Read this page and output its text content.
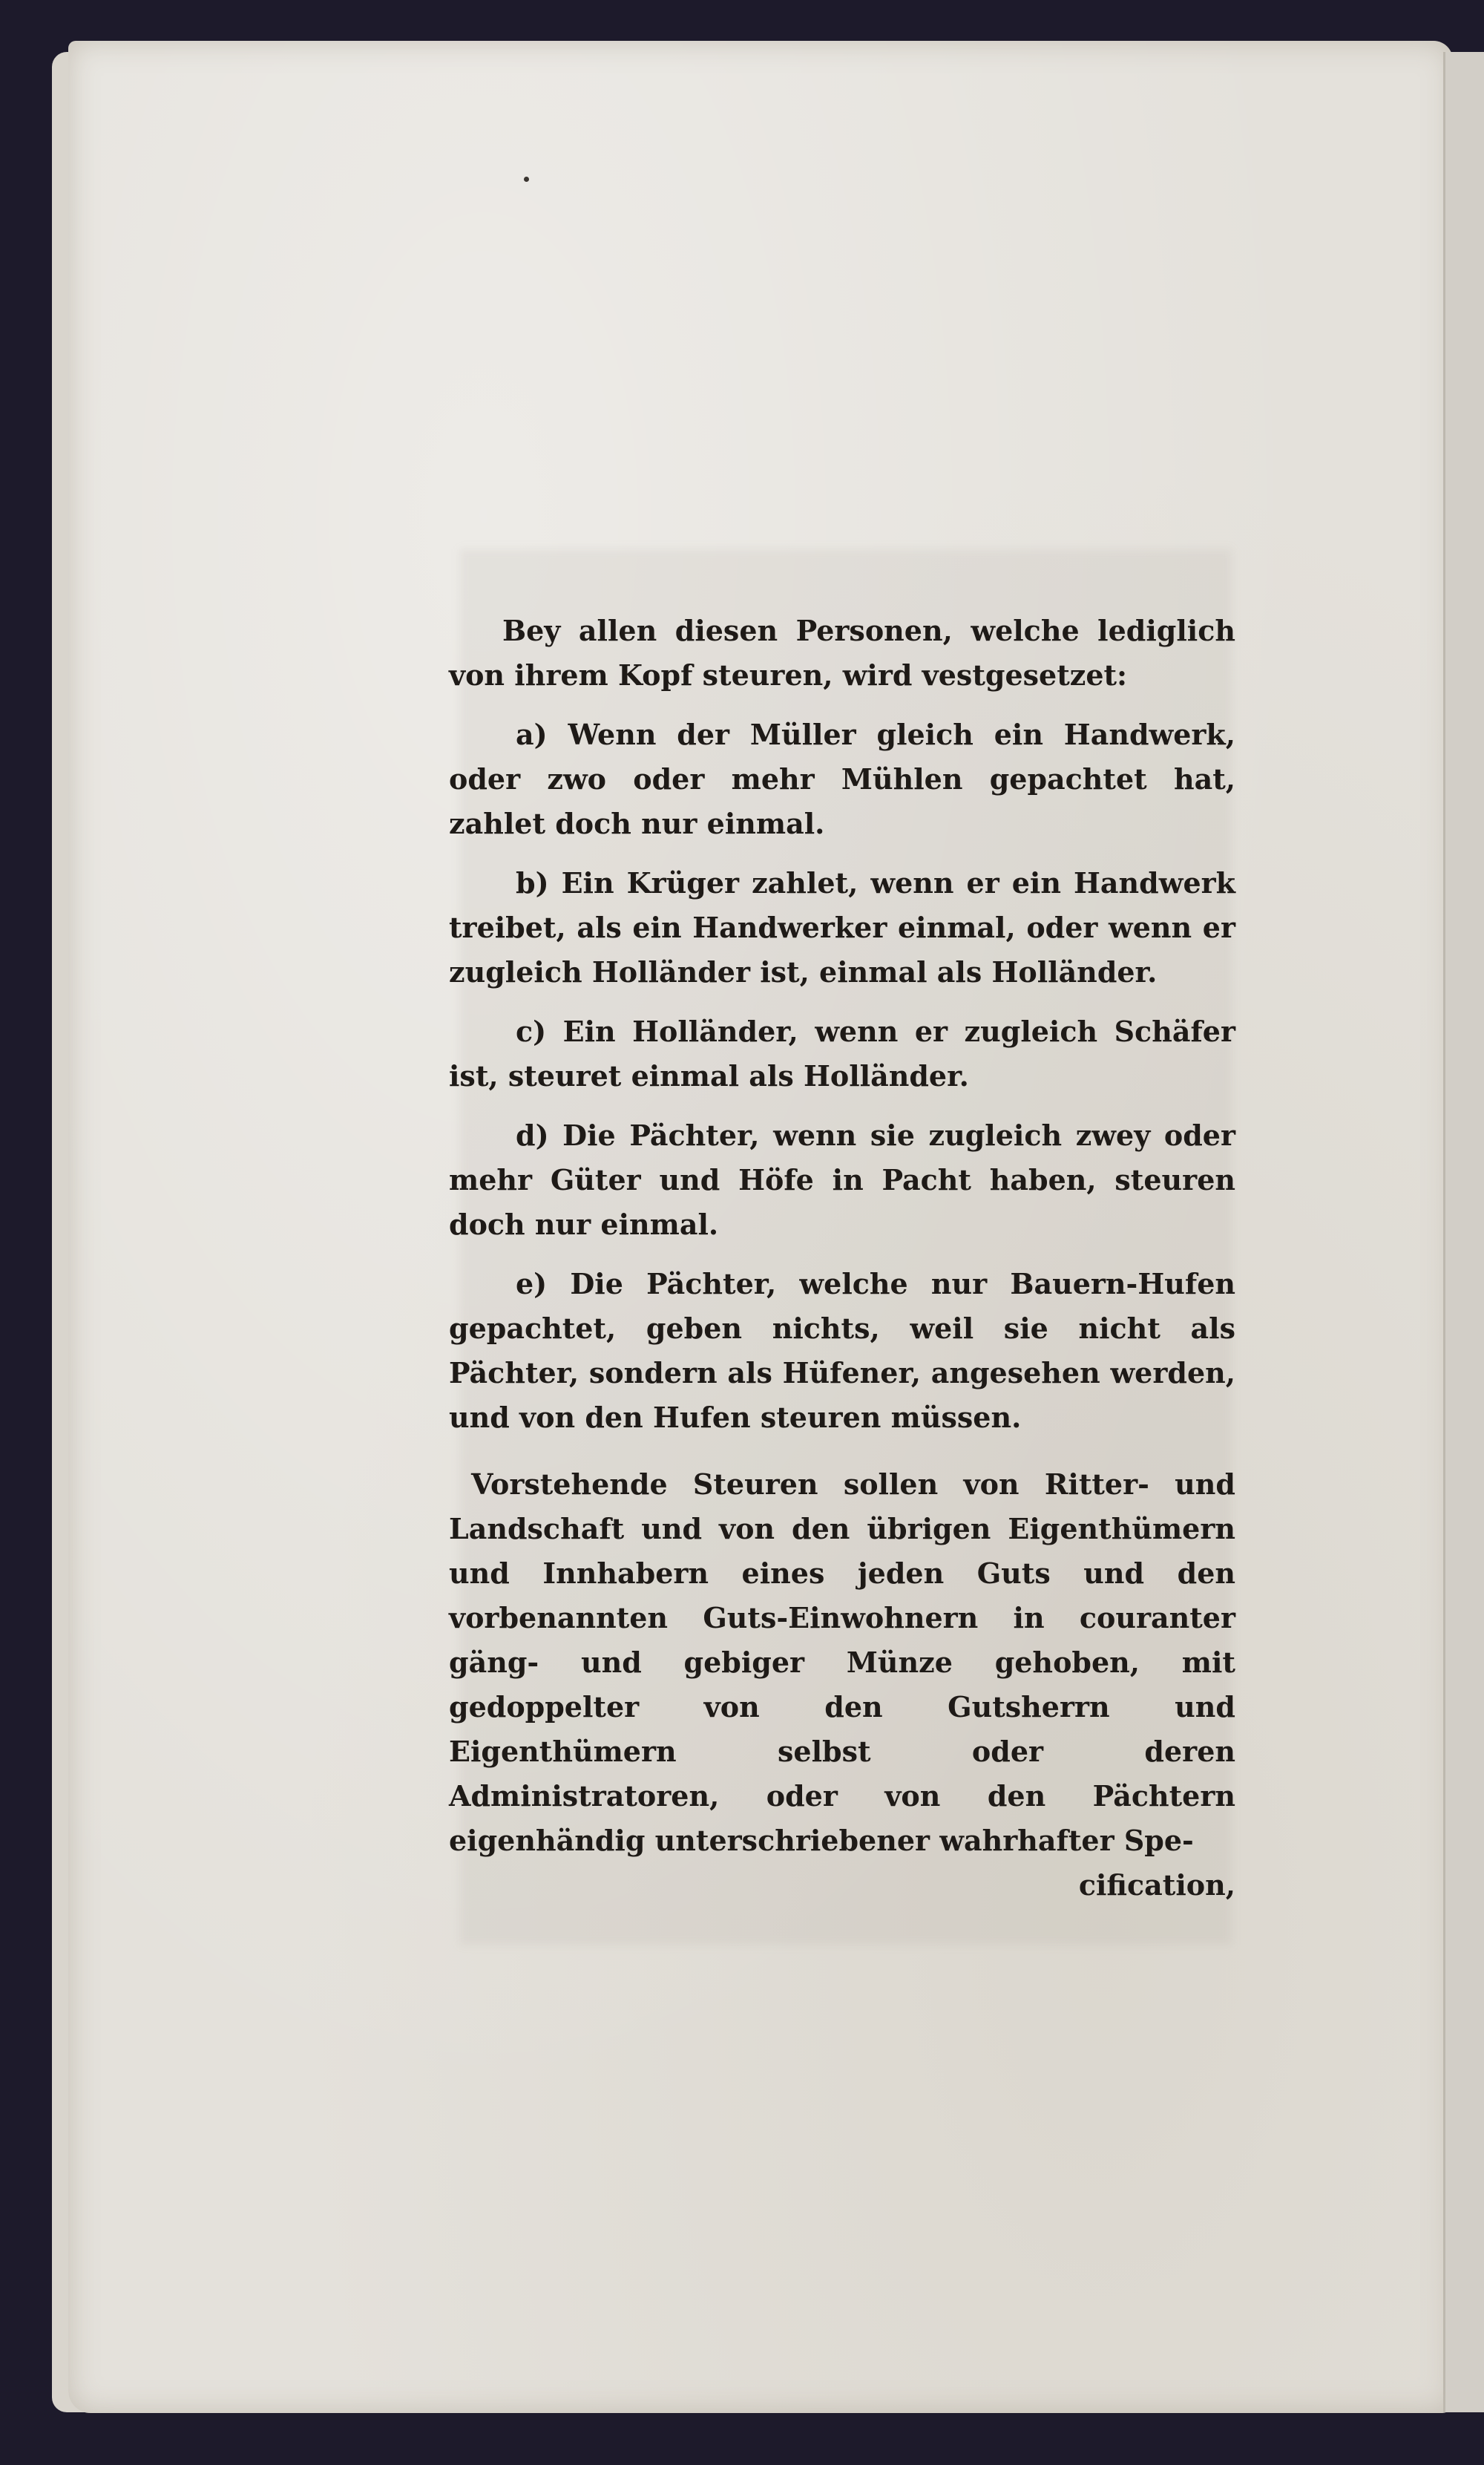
Bey allen diesen Personen, welche lediglich von ihrem Kopf steuren, wird vestgesetzet:

a) Wenn der Müller gleich ein Handwerk, oder zwo oder mehr Mühlen gepachtet hat, zahlet doch nur einmal.

b) Ein Krüger zahlet, wenn er ein Handwerk treibet, als ein Handwerker einmal, oder wenn er zugleich Holländer ist, einmal als Holländer.

c) Ein Holländer, wenn er zugleich Schäfer ist, steuret einmal als Holländer.

d) Die Pächter, wenn sie zugleich zwey oder mehr Güter und Höfe in Pacht haben, steuren doch nur einmal.

e) Die Pächter, welche nur Bauern-Hufen gepachtet, geben nichts, weil sie nicht als Pächter, sondern als Hüfener, angesehen werden, und von den Hufen steuren müssen.

Vorstehende Steuren sollen von Ritter- und Landschaft und von den übrigen Eigenthümern und Innhabern eines jeden Guts und den vorbenannten Guts-Einwohnern in couranter gäng- und gebiger Münze gehoben, mit gedoppelter von den Gutsherrn und Eigenthümern selbst oder deren Administratoren, oder von den Pächtern eigenhändig unterschriebener wahrhafter Spe-

cification,
